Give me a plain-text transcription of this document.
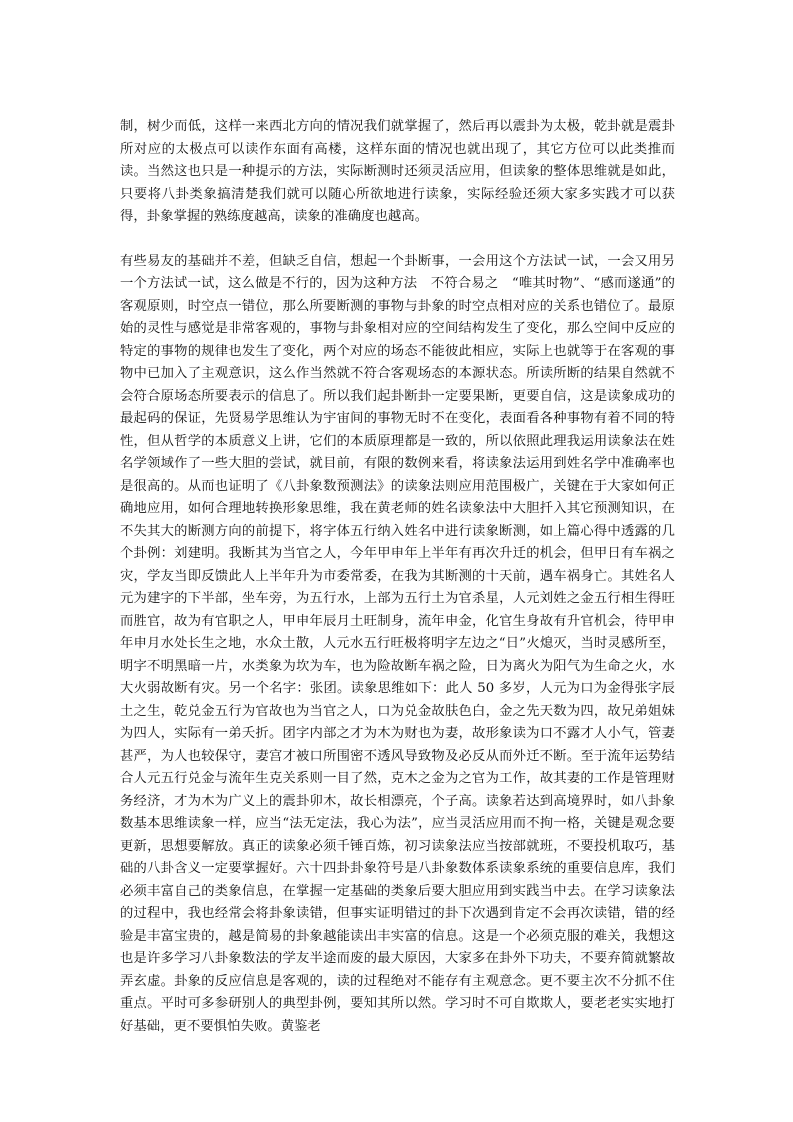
制，树少而低，这样一来西北方向的情况我们就掌握了，然后再以震卦为太极，乾卦就是震卦所对应的太极点可以读作东面有高楼，这样东面的情况也就出现了，其它方位可以此类推而读。当然这也只是一种提示的方法，实际断测时还须灵活应用，但读象的整体思维就是如此，只要将八卦类象搞清楚我们就可以随心所欲地进行读象，实际经验还须大家多实践才可以获得，卦象掌握的熟练度越高，读象的准确度也越高。

有些易友的基础并不差，但缺乏自信，想起一个卦断事，一会用这个方法试一试，一会又用另一个方法试一试，这么做是不行的，因为这种方法　不符合易之　“唯其时物”、“感而遂通”的客观原则，时空点一错位，那么所要断测的事物与卦象的时空点相对应的关系也错位了。最原始的灵性与感觉是非常客观的，事物与卦象相对应的空间结构发生了变化，那么空间中反应的特定的事物的规律也发生了变化，两个对应的场态不能彼此相应，实际上也就等于在客观的事物中已加入了主观意识，这么作当然就不符合客观场态的本源状态。所读所断的结果自然就不会符合原场态所要表示的信息了。所以我们起卦断卦一定要果断，更要自信，这是读象成功的最起码的保证，先贤易学思维认为宇宙间的事物无时不在变化，表面看各种事物有着不同的特性，但从哲学的本质意义上讲，它们的本质原理都是一致的，所以依照此理我运用读象法在姓名学领域作了一些大胆的尝试，就目前，有限的数例来看，将读象法运用到姓名学中准确率也是很高的。从而也证明了《八卦象数预测法》的读象法则应用范围极广，关键在于大家如何正确地应用，如何合理地转换形象思维，我在黄老师的姓名读象法中大胆扦入其它预测知识，在不失其大的断测方向的前提下，将字体五行纳入姓名中进行读象断测，如上篇心得中透露的几个卦例：刘建明。我断其为当官之人，今年甲申年上半年有再次升迁的机会，但甲日有车祸之灾，学友当即反馈此人上半年升为市委常委，在我为其断测的十天前，遇车祸身亡。其姓名人元为建字的下半部，坐车旁，为五行水，上部为五行土为官杀星，人元刘姓之金五行相生得旺而胜官，故为有官职之人，甲申年辰月土旺制身，流年申金，化官生身故有升官机会，待甲申年申月水处长生之地，水众土散，人元水五行旺极将明字左边之“日”火熄灭，当时灵感所至，明字不明黑暗一片，水类象为坎为车，也为险故断车祸之险，日为离火为阳气为生命之火，水大火弱故断有灾。另一个名字：张团。读象思维如下：此人 50 多岁，人元为口为金得张字辰土之生，乾兑金五行为官故也为当官之人，口为兑金故肤色白，金之先天数为四，故兄弟姐妹为四人，实际有一弟夭折。团字内部之才为木为财也为妻，故形象读为口不露才人小气，管妻甚严，为人也较保守，妻宫才被口所围密不透风导致物及必反从而外迁不断。至于流年运势结合人元五行兑金与流年生克关系则一目了然，克木之金为之官为工作，故其妻的工作是管理财务经济，才为木为广义上的震卦卯木，故长相漂亮，个子高。读象若达到高境界时，如八卦象数基本思维读象一样，应当“法无定法，我心为法”，应当灵活应用而不拘一格，关键是观念要更新，思想要解放。真正的读象必须千锤百炼，初习读象法应当按部就班，不要投机取巧，基础的八卦含义一定要掌握好。六十四卦卦象符号是八卦象数体系读象系统的重要信息库，我们必须丰富自己的类象信息，在掌握一定基础的类象后要大胆应用到实践当中去。在学习读象法的过程中，我也经常会将卦象读错，但事实证明错过的卦下次遇到肯定不会再次读错，错的经验是丰富宝贵的，越是简易的卦象越能读出丰实富的信息。这是一个必须克服的难关，我想这也是许多学习八卦象数法的学友半途而废的最大原因，大家多在卦外下功夫，不要弃简就繁故弄玄虚。卦象的反应信息是客观的，读的过程绝对不能存有主观意念。更不要主次不分抓不住重点。平时可多参研别人的典型卦例，要知其所以然。学习时不可自欺欺人，要老老实实地打好基础，更不要惧怕失败。黄鉴老
